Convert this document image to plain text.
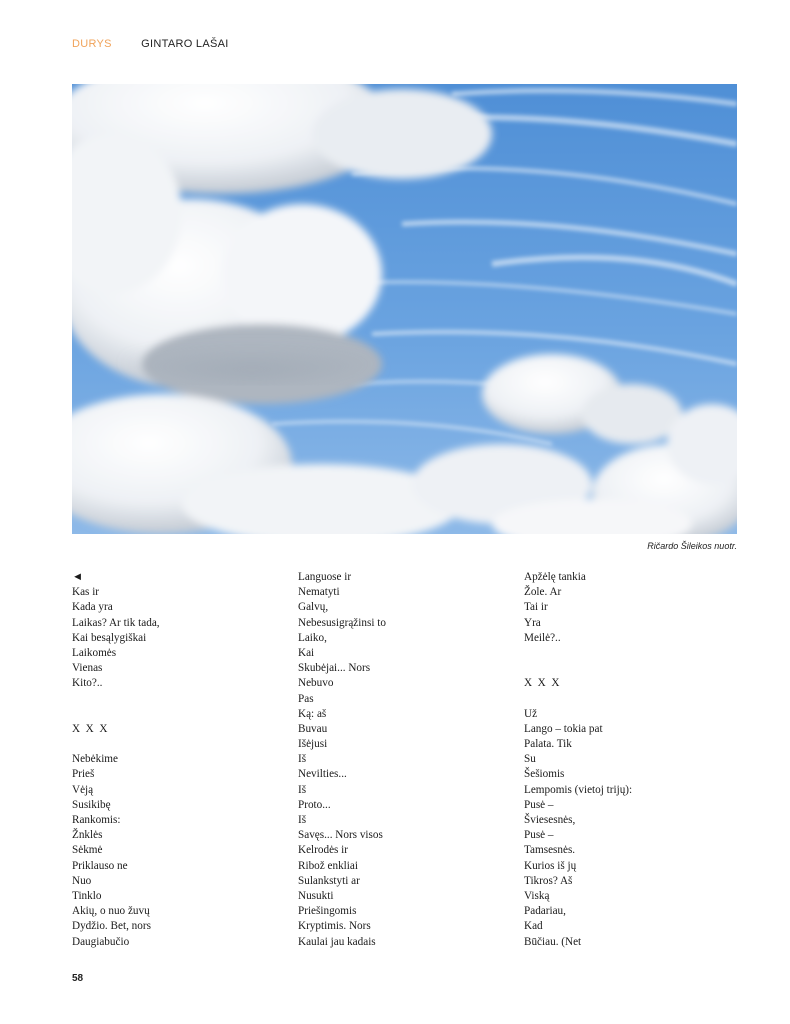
DURYS	GINTARO LAŠAI
Ričardo Šileikos nuotr.
◄
Kas ir
Kada yra
Laikas? Ar tik tada,
Kai besąlygiškai
Laikomės
Vienas
Kito?..
X  X  X
Nebėkime
Prieš
Vėją
Susikibę
Rankomis:
Žnklės
Sėkmė
Priklauso ne
Nuo
Tinklo
Akių, o nuo žuvų
Dydžio. Bet, nors
Daugiabučio
Languose ir
Nematyti
Galvų,
Nebesusigrąžinsi to
Laiko,
Kai
Skubėjai... Nors
Nebuvo
Pas
Ką: aš
Buvau
Išėjusi
Iš
Nevilties...
Iš
Proto...
Iš
Savęs... Nors visos
Kelrodės ir
Ribož enkliai
Sulankstyti ar
Nusukti
Priešingomis
Kryptimis. Nors
Kaulai jau kadais
Apžėlę tankia
Žole. Ar
Tai ir
Yra
Meilė?..
X  X  X
Už
Lango – tokia pat
Palata. Tik
Su
Šešiomis
Lempomis (vietoj trijų):
Pusė –
Šviesesnės,
Pusė –
Tamsesnės.
Kurios iš jų
Tikros? Aš
Viską
Padariau,
Kad
Būčiau. (Net
58
